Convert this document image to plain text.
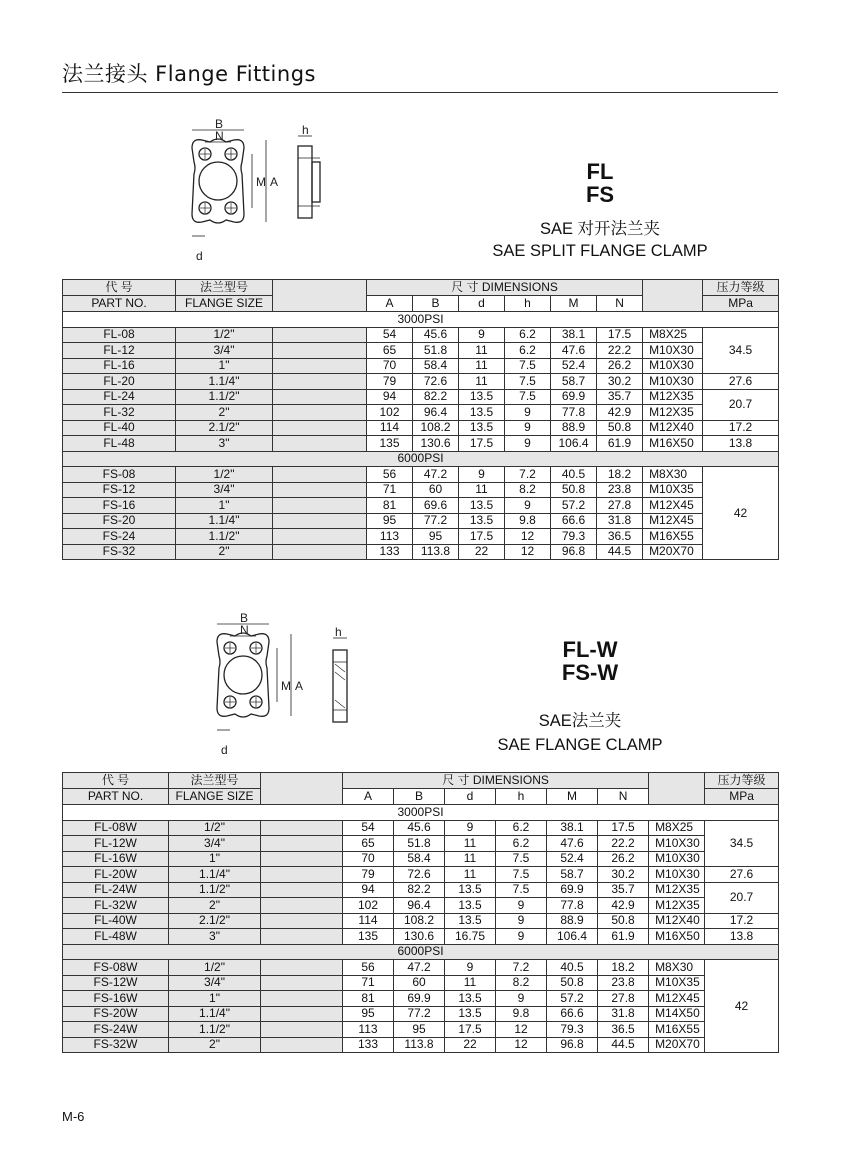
法兰接头 Flange Fittings
B
N
M A
d
h
FL
FS
SAE 对开法兰夹
SAE SPLIT FLANGE CLAMP
代 号	法兰型号		尺 寸 DIMENSIONS							压力等级
PART NO.	FLANGE SIZE		A	B	d	h	M	N		MPa
3000PSI										
FL-08	1/2"		54	45.6	9	6.2	38.1	17.5	M8X25	34.5
FL-12	3/4"		65	51.8	11	6.2	47.6	22.2	M10X30	
FL-16	1"		70	58.4	11	7.5	52.4	26.2	M10X30	
FL-20	1.1/4"		79	72.6	11	7.5	58.7	30.2	M10X30	27.6
FL-24	1.1/2"		94	82.2	13.5	7.5	69.9	35.7	M12X35	20.7
FL-32	2"		102	96.4	13.5	9	77.8	42.9	M12X35	
FL-40	2.1/2"		114	108.2	13.5	9	88.9	50.8	M12X40	17.2
FL-48	3"		135	130.6	17.5	9	106.4	61.9	M16X50	13.8
6000PSI										
FS-08	1/2"		56	47.2	9	7.2	40.5	18.2	M8X30	42
FS-12	3/4"		71	60	11	8.2	50.8	23.8	M10X35	
FS-16	1"		81	69.6	13.5	9	57.2	27.8	M12X45	
FS-20	1.1/4"		95	77.2	13.5	9.8	66.6	31.8	M12X45	
FS-24	1.1/2"		113	95	17.5	12	79.3	36.5	M16X55	
FS-32	2"		133	113.8	22	12	96.8	44.5	M20X70	
B
N
M A
d
h
FL-W
FS-W
SAE法兰夹
SAE FLANGE CLAMP
代 号	法兰型号		尺 寸 DIMENSIONS							压力等级
PART NO.	FLANGE SIZE		A	B	d	h	M	N		MPa
3000PSI										
FL-08W	1/2"		54	45.6	9	6.2	38.1	17.5	M8X25	34.5
FL-12W	3/4"		65	51.8	11	6.2	47.6	22.2	M10X30	
FL-16W	1"		70	58.4	11	7.5	52.4	26.2	M10X30	
FL-20W	1.1/4"		79	72.6	11	7.5	58.7	30.2	M10X30	27.6
FL-24W	1.1/2"		94	82.2	13.5	7.5	69.9	35.7	M12X35	20.7
FL-32W	2"		102	96.4	13.5	9	77.8	42.9	M12X35	
FL-40W	2.1/2"		114	108.2	13.5	9	88.9	50.8	M12X40	17.2
FL-48W	3"		135	130.6	16.75	9	106.4	61.9	M16X50	13.8
6000PSI										
FS-08W	1/2"		56	47.2	9	7.2	40.5	18.2	M8X30	42
FS-12W	3/4"		71	60	11	8.2	50.8	23.8	M10X35	
FS-16W	1"		81	69.9	13.5	9	57.2	27.8	M12X45	
FS-20W	1.1/4"		95	77.2	13.5	9.8	66.6	31.8	M14X50	
FS-24W	1.1/2"		113	95	17.5	12	79.3	36.5	M16X55	
FS-32W	2"		133	113.8	22	12	96.8	44.5	M20X70	
M-6
